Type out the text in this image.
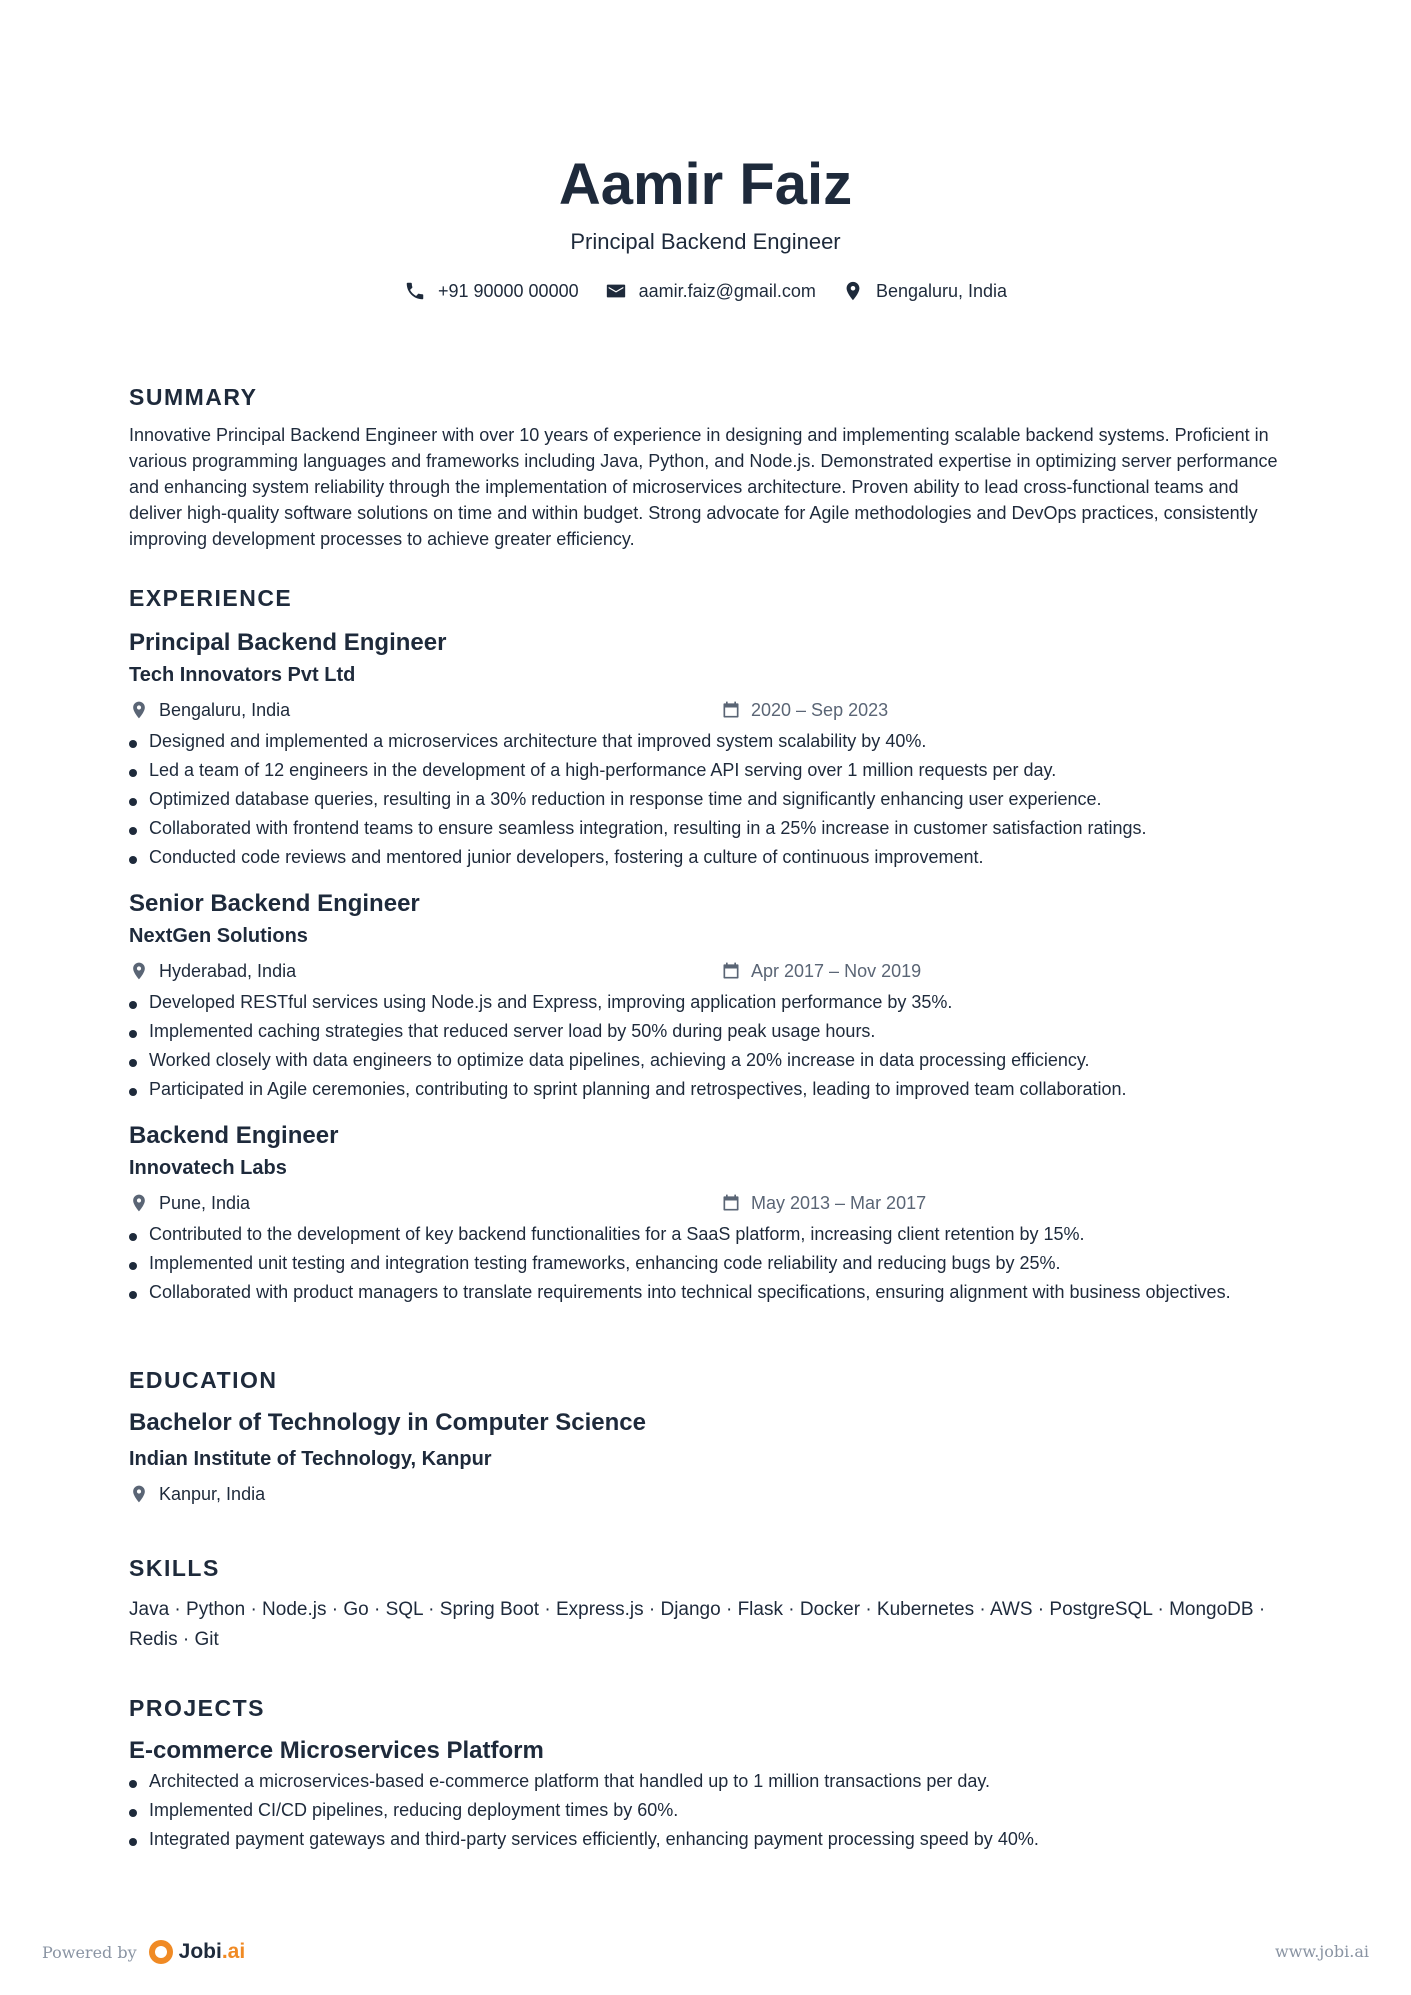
Aamir Faiz
Principal Backend Engineer
+91 90000 00000	aamir.faiz@gmail.com	Bengaluru, India
SUMMARY
Innovative Principal Backend Engineer with over 10 years of experience in designing and implementing scalable backend systems. Proficient in various programming languages and frameworks including Java, Python, and Node.js. Demonstrated expertise in optimizing server performance and enhancing system reliability through the implementation of microservices architecture. Proven ability to lead cross-functional teams and deliver high-quality software solutions on time and within budget. Strong advocate for Agile methodologies and DevOps practices, consistently improving development processes to achieve greater efficiency.
EXPERIENCE
Principal Backend Engineer
Tech Innovators Pvt Ltd
Bengaluru, India	2020 – Sep 2023
Designed and implemented a microservices architecture that improved system scalability by 40%.
Led a team of 12 engineers in the development of a high-performance API serving over 1 million requests per day.
Optimized database queries, resulting in a 30% reduction in response time and significantly enhancing user experience.
Collaborated with frontend teams to ensure seamless integration, resulting in a 25% increase in customer satisfaction ratings.
Conducted code reviews and mentored junior developers, fostering a culture of continuous improvement.
Senior Backend Engineer
NextGen Solutions
Hyderabad, India	Apr 2017 – Nov 2019
Developed RESTful services using Node.js and Express, improving application performance by 35%.
Implemented caching strategies that reduced server load by 50% during peak usage hours.
Worked closely with data engineers to optimize data pipelines, achieving a 20% increase in data processing efficiency.
Participated in Agile ceremonies, contributing to sprint planning and retrospectives, leading to improved team collaboration.
Backend Engineer
Innovatech Labs
Pune, India	May 2013 – Mar 2017
Contributed to the development of key backend functionalities for a SaaS platform, increasing client retention by 15%.
Implemented unit testing and integration testing frameworks, enhancing code reliability and reducing bugs by 25%.
Collaborated with product managers to translate requirements into technical specifications, ensuring alignment with business objectives.
EDUCATION
Bachelor of Technology in Computer Science
Indian Institute of Technology, Kanpur
Kanpur, India
SKILLS
Java · Python · Node.js · Go · SQL · Spring Boot · Express.js · Django · Flask · Docker · Kubernetes · AWS · PostgreSQL · MongoDB · Redis · Git
PROJECTS
E-commerce Microservices Platform
Architected a microservices-based e-commerce platform that handled up to 1 million transactions per day.
Implemented CI/CD pipelines, reducing deployment times by 60%.
Integrated payment gateways and third-party services efficiently, enhancing payment processing speed by 40%.
Powered by Jobi .ai	www.jobi.ai
